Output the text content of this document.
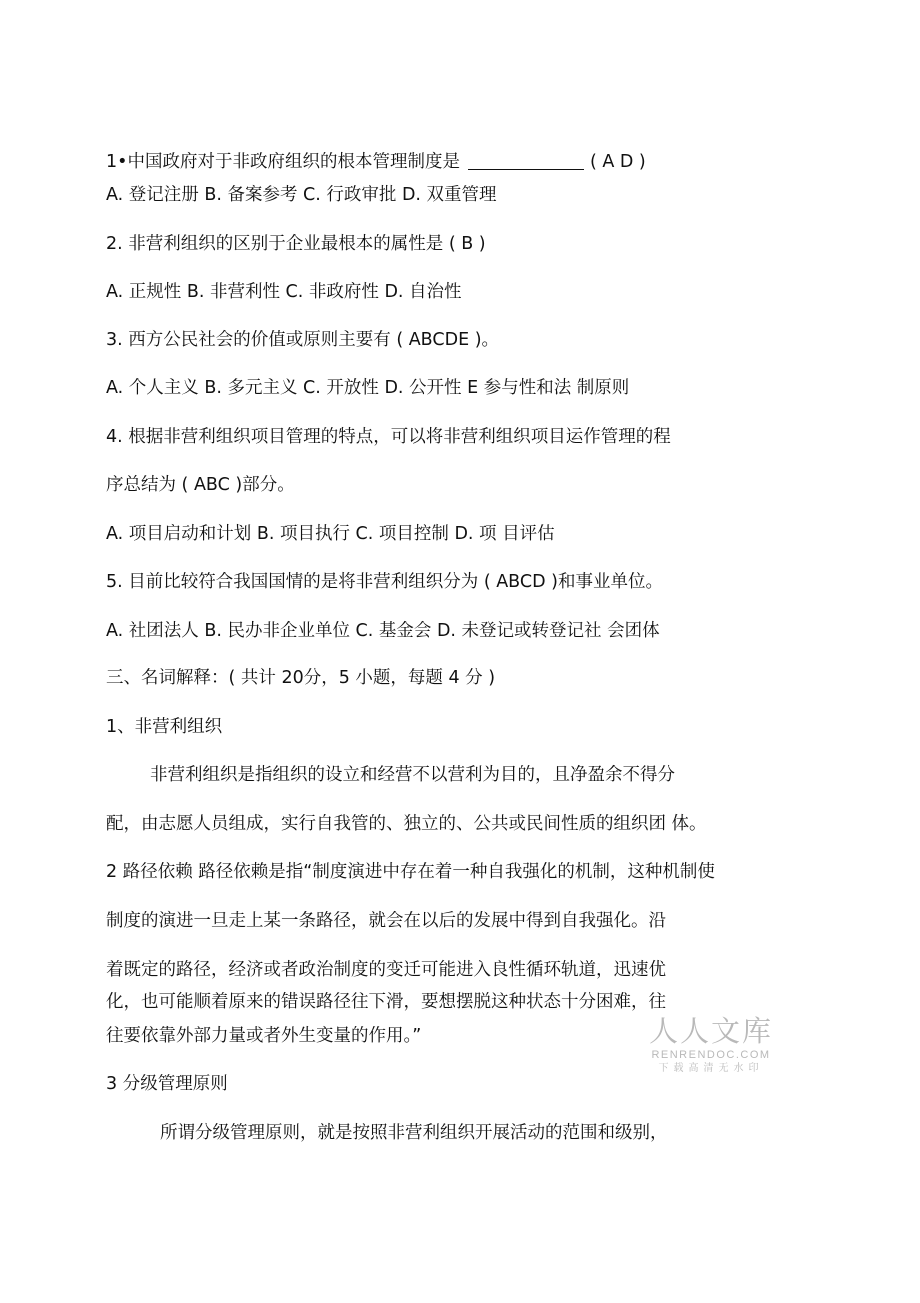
1•中国政府对于非政府组织的根本管理制度是	( A D )
A. 登记注册 B. 备案参考 C. 行政审批 D. 双重管理
2. 非营利组织的区别于企业最根本的属性是 ( B )
A. 正规性 B. 非营利性 C. 非政府性 D. 自治性
3. 西方公民社会的价值或原则主要有 ( ABCDE )。
A. 个人主义 B. 多元主义 C. 开放性 D. 公开性 E 参与性和法 制原则
4. 根据非营利组织项目管理的特点，可以将非营利组织项目运作管理的程
序总结为 ( ABC )部分。
A. 项目启动和计划 B. 项目执行 C. 项目控制 D. 项 目评估
5. 目前比较符合我国国情的是将非营利组织分为 ( ABCD )和事业单位。
A. 社团法人 B. 民办非企业单位 C. 基金会 D. 未登记或转登记社 会团体
三、名词解释：( 共计 20分，5 小题，每题 4 分 )
1、非营利组织
非营利组织是指组织的设立和经营不以营利为目的，且净盈余不得分
配，由志愿人员组成，实行自我管的、独立的、公共或民间性质的组织团 体。
2 路径依赖 路径依赖是指“制度演进中存在着一种自我强化的机制，这种机制使
制度的演进一旦走上某一条路径，就会在以后的发展中得到自我强化。沿
着既定的路径，经济或者政治制度的变迁可能进入良性循环轨道，迅速优
化，也可能顺着原来的错误路径往下滑，要想摆脱这种状态十分困难，往
往要依靠外部力量或者外生变量的作用。”
3 分级管理原则
所谓分级管理原则，就是按照非营利组织开展活动的范围和级别，
人人文库
RENRENDOC.COM
下载高清无水印
